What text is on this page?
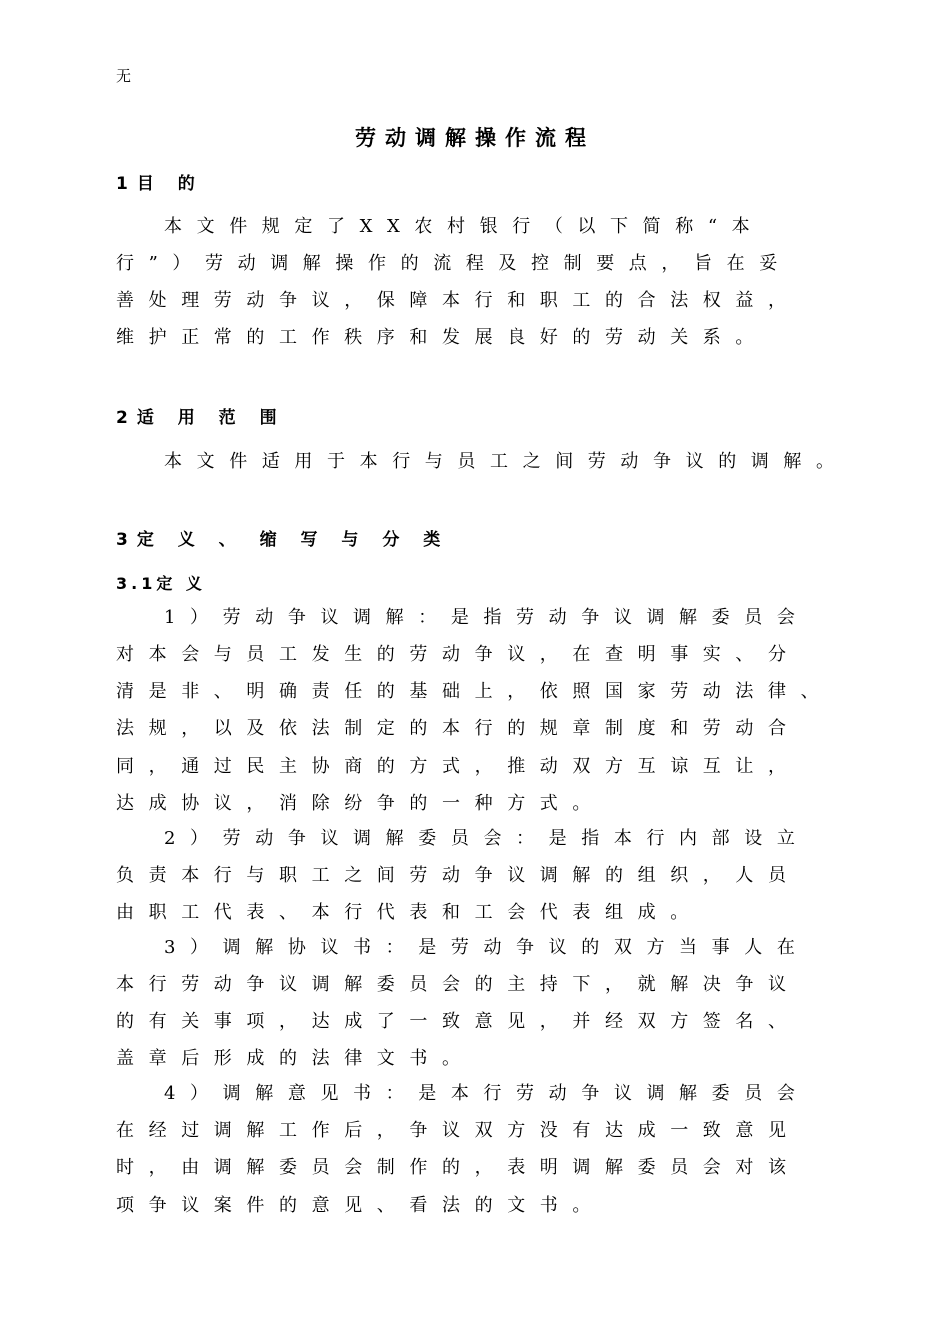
无
劳动调解操作流程
1目 的
本文件规定了XX农村银行（以下简称“本
行”）劳动调解操作的流程及控制要点，旨在妥
善处理劳动争议，保障本行和职工的合法权益，
维护正常的工作秩序和发展良好的劳动关系。
2适 用 范 围
本文件适用于本行与员工之间劳动争议的调解。
3定 义 、 缩 写 与 分 类
3.1定 义
1）劳动争议调解：是指劳动争议调解委员会
对本会与员工发生的劳动争议，在查明事实、分
清是非、明确责任的基础上，依照国家劳动法律、
法规，以及依法制定的本行的规章制度和劳动合
同，通过民主协商的方式，推动双方互谅互让，
达成协议，消除纷争的一种方式。
2）劳动争议调解委员会：是指本行内部设立
负责本行与职工之间劳动争议调解的组织，人员
由职工代表、本行代表和工会代表组成。
3）调解协议书：是劳动争议的双方当事人在
本行劳动争议调解委员会的主持下，就解决争议
的有关事项，达成了一致意见，并经双方签名、
盖章后形成的法律文书。
4）调解意见书：是本行劳动争议调解委员会
在经过调解工作后，争议双方没有达成一致意见
时，由调解委员会制作的，表明调解委员会对该
项争议案件的意见、看法的文书。
